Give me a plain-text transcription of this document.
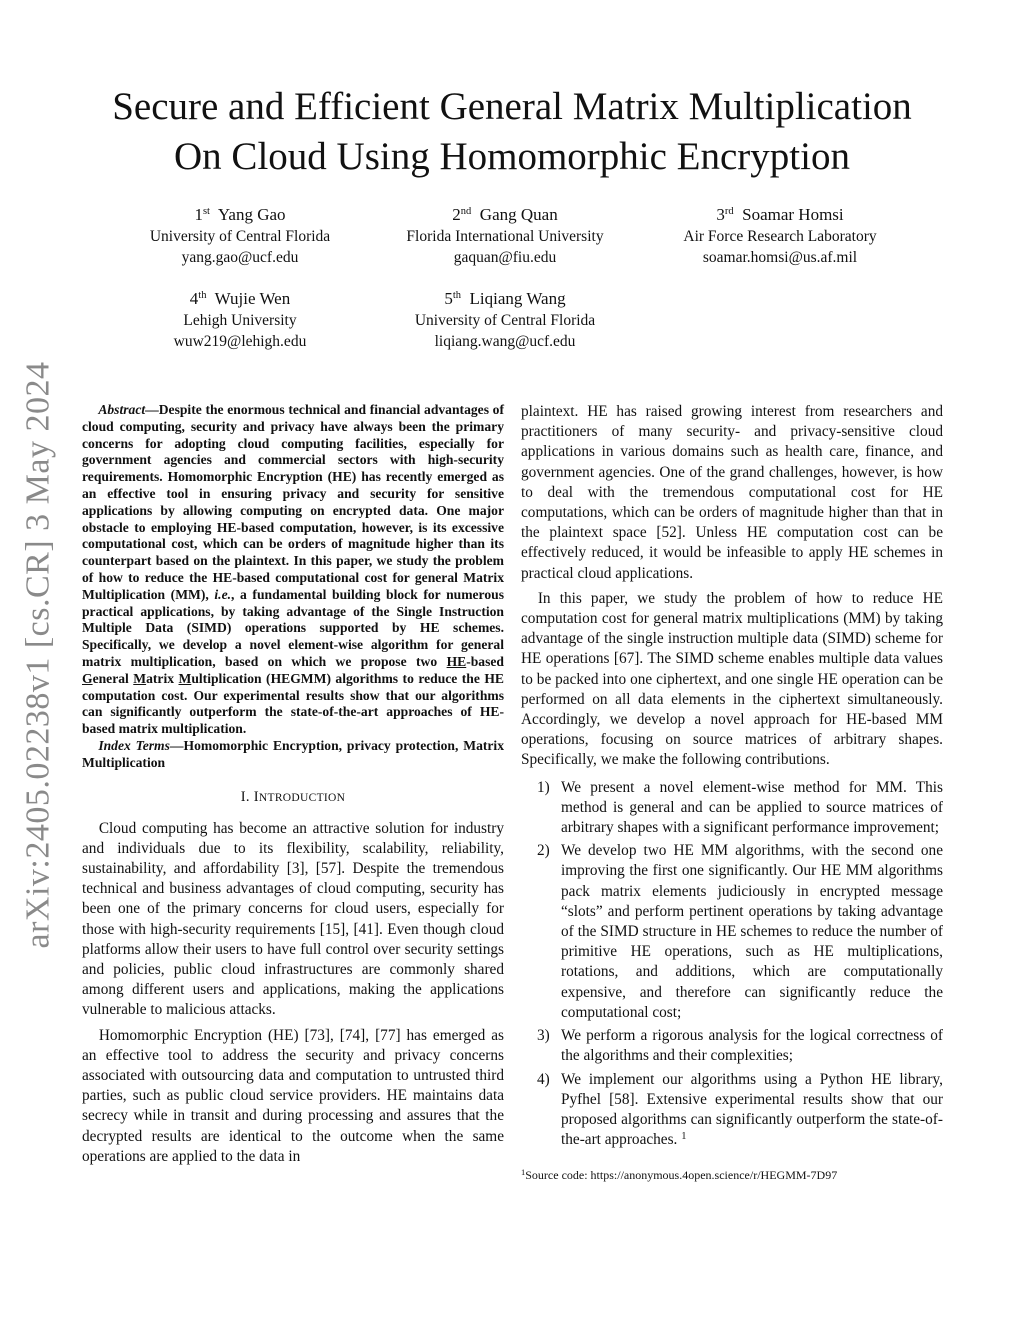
arXiv:2405.02238v1 [cs.CR] 3 May 2024
Secure and Efficient General Matrix Multiplication
On Cloud Using Homomorphic Encryption
1st Yang Gao
University of Central Florida
yang.gao@ucf.edu
2nd Gang Quan
Florida International University
gaquan@fiu.edu
3rd Soamar Homsi
Air Force Research Laboratory
soamar.homsi@us.af.mil
4th Wujie Wen
Lehigh University
wuw219@lehigh.edu
5th Liqiang Wang
University of Central Florida
liqiang.wang@ucf.edu

Abstract—Despite the enormous technical and financial advantages of cloud computing, security and privacy have always been the primary concerns for adopting cloud computing facilities, especially for government agencies and commercial sectors with high-security requirements. Homomorphic Encryption (HE) has recently emerged as an effective tool in ensuring privacy and security for sensitive applications by allowing computing on encrypted data. One major obstacle to employing HE-based computation, however, is its excessive computational cost, which can be orders of magnitude higher than its counterpart based on the plaintext. In this paper, we study the problem of how to reduce the HE-based computational cost for general Matrix Multiplication (MM), i.e., a fundamental building block for numerous practical applications, by taking advantage of the Single Instruction Multiple Data (SIMD) operations supported by HE schemes. Specifically, we develop a novel element-wise algorithm for general matrix multiplication, based on which we propose two HE-based General Matrix Multiplication (HEGMM) algorithms to reduce the HE computation cost. Our experimental results show that our algorithms can significantly outperform the state-of-the-art approaches of HE-based matrix multiplication.

Index Terms—Homomorphic Encryption, privacy protection, Matrix Multiplication

I. INTRODUCTION

Cloud computing has become an attractive solution for industry and individuals due to its flexibility, scalability, reliability, sustainability, and affordability [3], [57]. Despite the tremendous technical and business advantages of cloud computing, security has been one of the primary concerns for cloud users, especially for those with high-security requirements [15], [41]. Even though cloud platforms allow their users to have full control over security settings and policies, public cloud infrastructures are commonly shared among different users and applications, making the applications vulnerable to malicious attacks.

Homomorphic Encryption (HE) [73], [74], [77] has emerged as an effective tool to address the security and privacy concerns associated with outsourcing data and computation to untrusted third parties, such as public cloud service providers. HE maintains data secrecy while in transit and during processing and assures that the decrypted results are identical to the outcome when the same operations are applied to the data in

plaintext. HE has raised growing interest from researchers and practitioners of many security- and privacy-sensitive cloud applications in various domains such as health care, finance, and government agencies. One of the grand challenges, however, is how to deal with the tremendous computational cost for HE computations, which can be orders of magnitude higher than that in the plaintext space [52]. Unless HE computation cost can be effectively reduced, it would be infeasible to apply HE schemes in practical cloud applications.

In this paper, we study the problem of how to reduce HE computation cost for general matrix multiplications (MM) by taking advantage of the single instruction multiple data (SIMD) scheme for HE operations [67]. The SIMD scheme enables multiple data values to be packed into one ciphertext, and one single HE operation can be performed on all data elements in the ciphertext simultaneously. Accordingly, we develop a novel approach for HE-based MM operations, focusing on source matrices of arbitrary shapes. Specifically, we make the following contributions.

1) We present a novel element-wise method for MM. This method is general and can be applied to source matrices of arbitrary shapes with a significant performance improvement;
2) We develop two HE MM algorithms, with the second one improving the first one significantly. Our HE MM algorithms pack matrix elements judiciously in encrypted message “slots” and perform pertinent operations by taking advantage of the SIMD structure in HE schemes to reduce the number of primitive HE operations, such as HE multiplications, rotations, and additions, which are computationally expensive, and therefore can significantly reduce the computational cost;
3) We perform a rigorous analysis for the logical correctness of the algorithms and their complexities;
4) We implement our algorithms using a Python HE library, Pyfhel [58]. Extensive experimental results show that our proposed algorithms can significantly outperform the state-of-the-art approaches. $^1$
$^1$Source code: https://anonymous.4open.science/r/HEGMM-7D97
